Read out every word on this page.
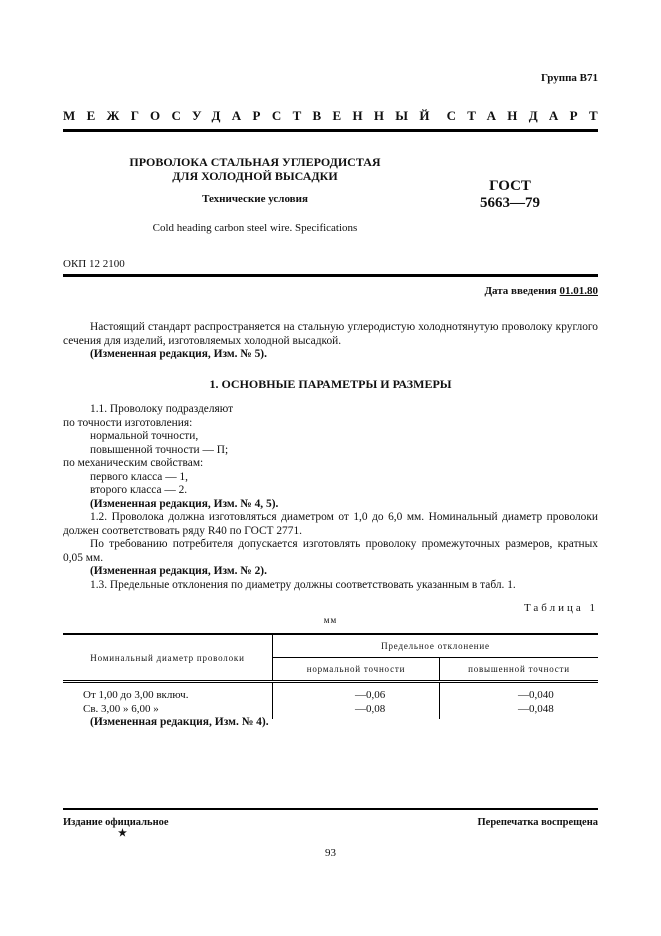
Группа В71
МЕЖГОСУДАРСТВЕННЫЙ СТАНДАРТ
ПРОВОЛОКА СТАЛЬНАЯ УГЛЕРОДИСТАЯ
ДЛЯ ХОЛОДНОЙ ВЫСАДКИ
Технические условия
Cold heading carbon steel wire. Specifications
ГОСТ
5663—79
ОКП 12 2100
Дата введения 01.01.80
Настоящий стандарт распространяется на стальную углеродистую холоднотянутую проволоку круглого сечения для изделий, изготовляемых холодной высадкой.
(Измененная редакция, Изм. № 5).
1. ОСНОВНЫЕ ПАРАМЕТРЫ И РАЗМЕРЫ
1.1. Проволоку подразделяют
по точности изготовления:
нормальной точности,
повышенной точности — П;
по механическим свойствам:
первого класса — 1,
второго класса — 2.
(Измененная редакция, Изм. № 4, 5).
1.2. Проволока должна изготовляться диаметром от 1,0 до 6,0 мм. Номинальный диаметр проволоки должен соответствовать ряду R40 по ГОСТ 2771.
По требованию потребителя допускается изготовлять проволоку промежуточных размеров, кратных 0,05 мм.
(Измененная редакция, Изм. № 2).
1.3. Предельные отклонения по диаметру должны соответствовать указанным в табл. 1.
Таблица 1
мм
Номинальный диаметр проволоки	Предельное отклонение	
	нормальной точности	повышенной точности
От 1,00 до 3,00 включ.	—0,06	—0,040
Св. 3,00 » 6,00 »	—0,08	—0,048
(Измененная редакция, Изм. № 4).
Издание официальное
★
Перепечатка воспрещена
93
